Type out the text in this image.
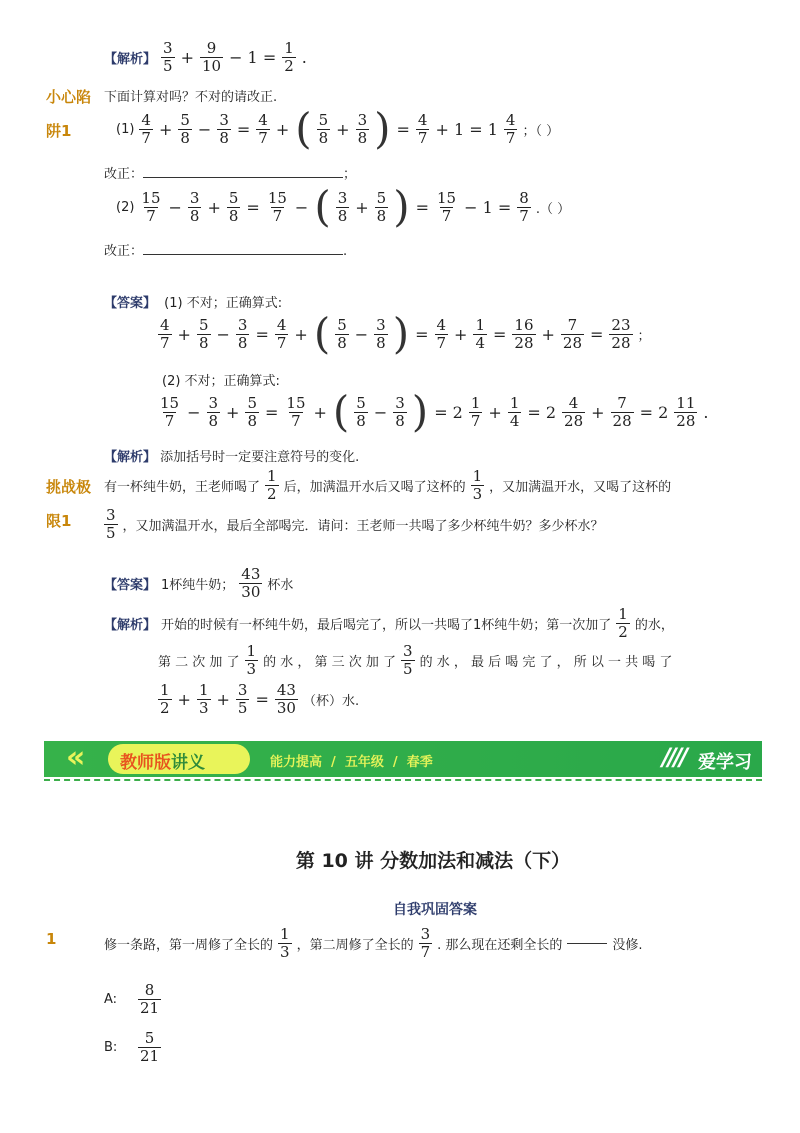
【解析】 $\frac{3}{5} + \frac{9}{10} - 1 = \frac{1}{2}$ .
小心陷
阱1
下面计算对吗？不对的请改正.
$(1) \frac{4}{7} + \frac{5}{8} - \frac{3}{8} = \frac{4}{7}$ + ( $\frac{5}{8} + \frac{3}{8}$ ) = $\frac{4}{7} + 1 = 1 \frac{4}{7}$ ；（ ）
改正：	；
$(2) \frac{15}{7} - \frac{3}{8} + \frac{5}{8} = \frac{15}{7}$ − ( $\frac{3}{8} + \frac{5}{8}$ ) = $\frac{15}{7} - 1 = \frac{8}{7}$ .（ ）
改正：	.
【答案】 (1) 不对；正确算式:
$\frac{4}{7} + \frac{5}{8} - \frac{3}{8} = \frac{4}{7}$ + ( $\frac{5}{8} - \frac{3}{8}$ ) = $\frac{4}{7} + \frac{1}{4} = \frac{16}{28} + \frac{7}{28} = \frac{23}{28}$ ；
(2) 不对；正确算式:
$\frac{15}{7} - \frac{3}{8} + \frac{5}{8} = \frac{15}{7}$ + ( $\frac{5}{8} - \frac{3}{8}$ ) = $2 \frac{1}{7} + \frac{1}{4} = 2 \frac{4}{28} + \frac{7}{28} = 2 \frac{11}{28}$ .
【解析】 添加括号时一定要注意符号的变化.
挑战极
限1
有一杯纯牛奶，王老师喝了 $\frac{1}{2}$ 后，加满温开水后又喝了这杯的 $\frac{1}{3}$ ，又加满温开水，又喝了这杯的
$\frac{3}{5}$ ，又加满温开水，最后全部喝完．请问：王老师一共喝了多少杯纯牛奶？多少杯水？
【答案】 1杯纯牛奶； $\frac{43}{30}$ 杯水
【解析】 开始的时候有一杯纯牛奶，最后喝完了，所以一共喝了1杯纯牛奶；第一次加了 $\frac{1}{2}$ 的水，
第 二 次 加 了 $\frac{1}{3}$ 的 水 ， 第 三 次 加 了 $\frac{3}{5}$ 的 水 ， 最 后 喝 完 了 ， 所 以 一 共 喝 了
$\frac{1}{2} + \frac{1}{3} + \frac{3}{5} = \frac{43}{30}$ （杯）水.
« 教师版讲义 » 能力提高  /  五年级  /  春季	//// 爱学习
第 10 讲 分数加法和减法（下）
自我巩固答案
1	修一条路，第一周修了全长的 $\frac{1}{3}$ ，第二周修了全长的 $\frac{3}{7}$ . 那么现在还剩全长的	没修.
A:	$\frac{8}{21}$
B:	$\frac{5}{21}$
